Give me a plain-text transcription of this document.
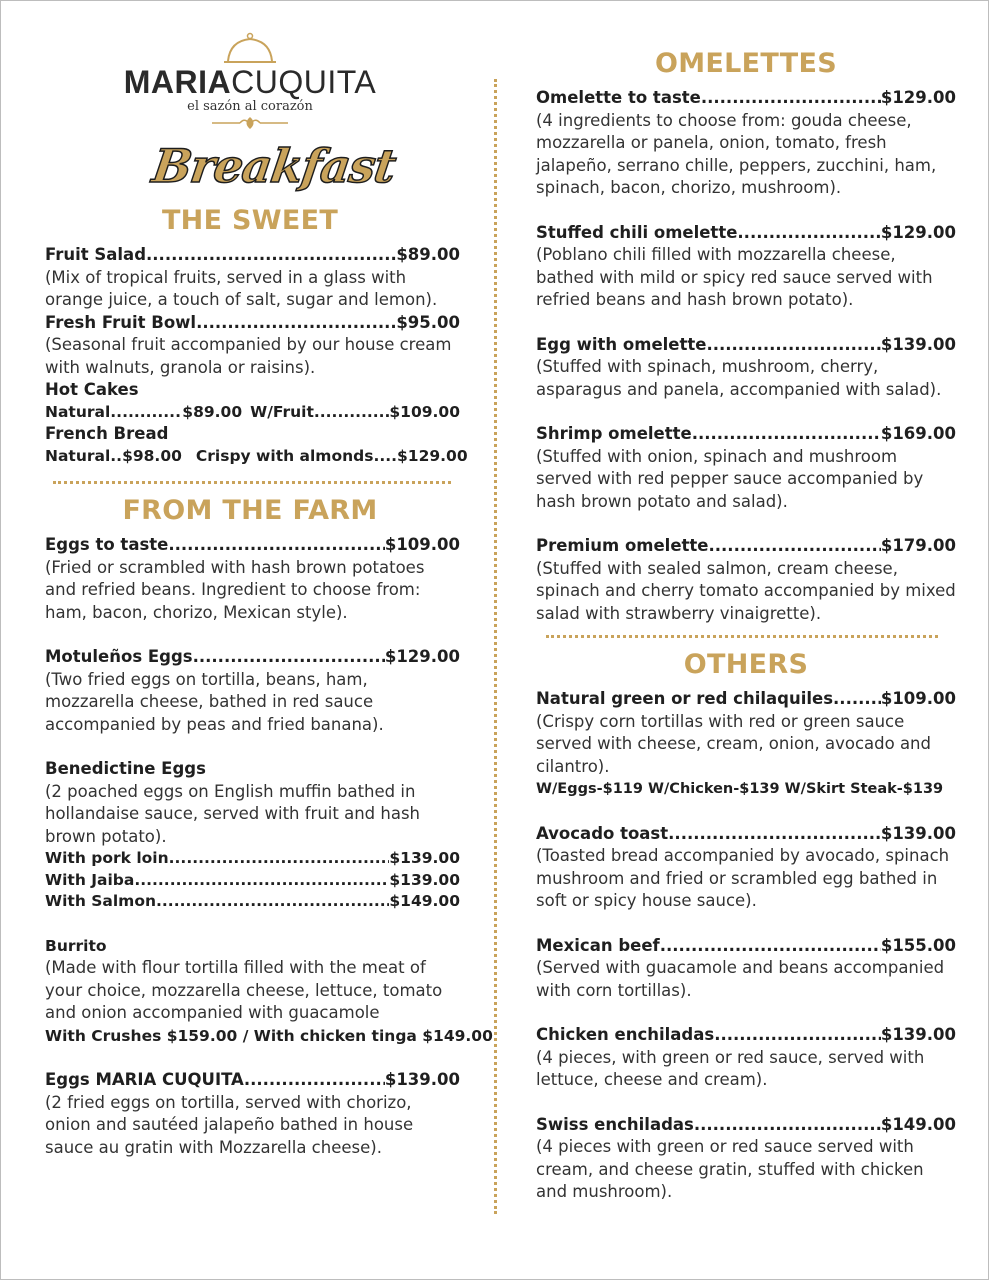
MARIACUQUITA
el sazón al corazón
Breakfast
THE SWEET
Fruit Salad .....	$89.00
(Mix of tropical fruits, served in a glass with orange juice, a touch of salt, sugar and lemon).
Fresh Fruit Bowl .....	$95.00
(Seasonal fruit accompanied by our house cream with walnuts, granola or raisins).
Hot Cakes
Natural .....	$89.00 W/Fruit .....	$109.00
French Bread
Natural.. $98.00 Crispy with almonds.... $129.00
FROM THE FARM
Eggs to taste .....	$109.00
(Fried or scrambled with hash brown potatoes and refried beans. Ingredient to choose from: ham, bacon, chorizo, Mexican style).
Motuleños Eggs .....	$129.00
(Two fried eggs on tortilla, beans, ham, mozzarella cheese, bathed in red sauce accompanied by peas and fried banana).
Benedictine Eggs
(2 poached eggs on English muffin bathed in hollandaise sauce, served with fruit and hash brown potato).
With pork loin .....	$139.00
With Jaiba .....	$139.00
With Salmon .....	$149.00
Burrito
(Made with flour tortilla filled with the meat of your choice, mozzarella cheese, lettuce, tomato and onion accompanied with guacamole
With Crushes $159.00 / With chicken tinga $149.00
Eggs MARIA CUQUITA .....	$139.00
(2 fried eggs on tortilla, served with chorizo, onion and sautéed jalapeño bathed in house sauce au gratin with Mozzarella cheese).
OMELETTES
Omelette to taste .....	$129.00
(4 ingredients to choose from: gouda cheese, mozzarella or panela, onion, tomato, fresh jalapeño, serrano chille, peppers, zucchini, ham, spinach, bacon, chorizo, mushroom).
Stuffed chili omelette .....	$129.00
(Poblano chili filled with mozzarella cheese, bathed with mild or spicy red sauce served with refried beans and hash brown potato).
Egg with omelette .....	$139.00
(Stuffed with spinach, mushroom, cherry, asparagus and panela, accompanied with salad).
Shrimp omelette .....	$169.00
(Stuffed with onion, spinach and mushroom served with red pepper sauce accompanied by hash brown potato and salad).
Premium omelette .....	$179.00
(Stuffed with sealed salmon, cream cheese, spinach and cherry tomato accompanied by mixed salad with strawberry vinaigrette).
OTHERS
Natural green or red chilaquiles .....	$109.00
(Crispy corn tortillas with red or green sauce served with cheese, cream, onion, avocado and cilantro).
W/Eggs-$119 W/Chicken-$139 W/Skirt Steak-$139
Avocado toast .....	$139.00
(Toasted bread accompanied by avocado, spinach mushroom and fried or scrambled egg bathed in soft or spicy house sauce).
Mexican beef .....	$155.00
(Served with guacamole and beans accompanied with corn tortillas).
Chicken enchiladas .....	$139.00
(4 pieces, with green or red sauce, served with lettuce, cheese and cream).
Swiss enchiladas .....	$149.00
(4 pieces with green or red sauce served with cream, and cheese gratin, stuffed with chicken and mushroom).
